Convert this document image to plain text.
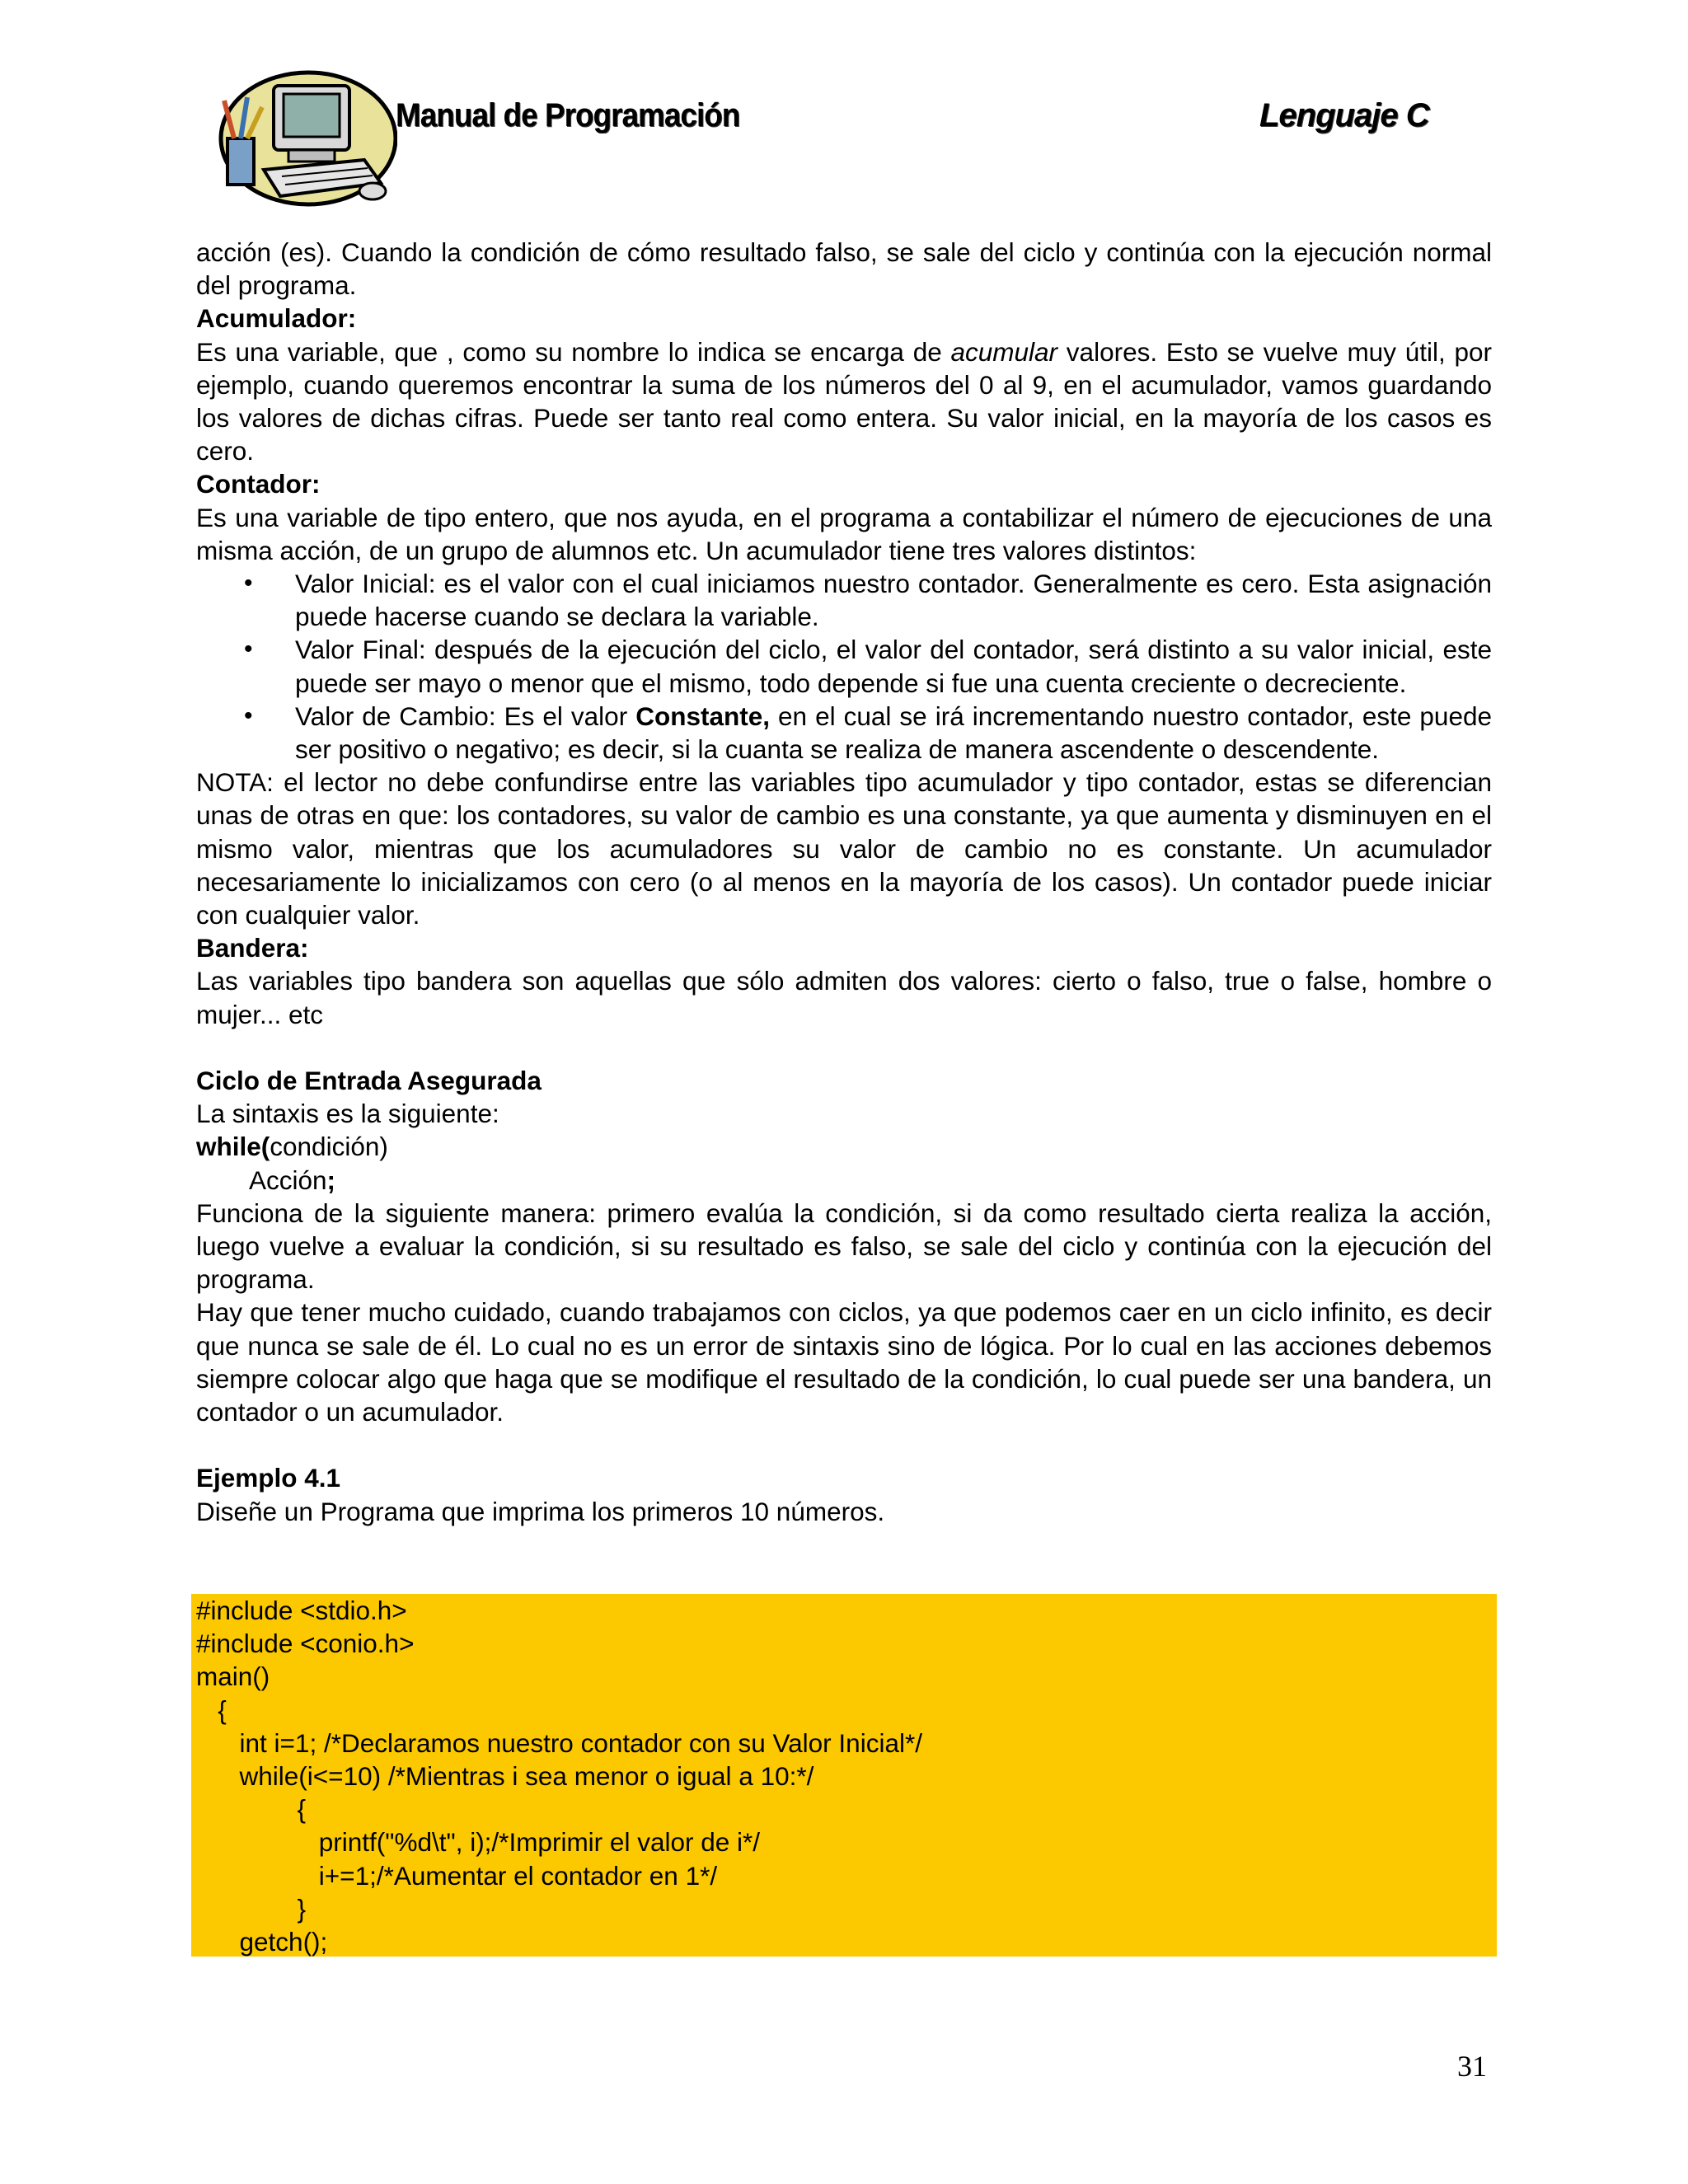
Manual de Programación	Lenguaje C

acción (es). Cuando la condición de cómo resultado falso, se sale del ciclo y continúa con la ejecución normal del programa.

Acumulador:

Es una variable, que , como su nombre lo indica se encarga de acumular valores. Esto se vuelve muy útil, por ejemplo, cuando queremos encontrar la suma de los números del 0 al 9, en el acumulador, vamos guardando los valores de dichas cifras. Puede ser tanto real como entera. Su valor inicial, en la mayoría de los casos es cero.

Contador:

Es una variable de tipo entero, que nos ayuda, en el programa a contabilizar el número de ejecuciones de una misma acción, de un grupo de alumnos etc. Un acumulador tiene tres valores distintos:

• Valor Inicial: es el valor con el cual iniciamos nuestro contador. Generalmente es cero. Esta asignación puede hacerse cuando se declara la variable.
• Valor Final: después de la ejecución del ciclo, el valor del contador, será distinto a su valor inicial, este puede ser mayo o menor que el mismo, todo depende si fue una cuenta creciente o decreciente.
• Valor de Cambio: Es el valor Constante, en el cual se irá incrementando nuestro contador, este puede ser positivo o negativo; es decir, si la cuanta se realiza de manera ascendente o descendente.

NOTA: el lector no debe confundirse entre las variables tipo acumulador y tipo contador, estas se diferencian unas de otras en que: los contadores, su valor de cambio es una constante, ya que aumenta y disminuyen en el mismo valor, mientras que los acumuladores su valor de cambio no es constante. Un acumulador necesariamente lo inicializamos con cero (o al menos en la mayoría de los casos). Un contador puede iniciar con cualquier valor.

Bandera:

Las variables tipo bandera son aquellas que sólo admiten dos valores: cierto o falso, true o false, hombre o mujer... etc

Ciclo de Entrada Asegurada

La sintaxis es la siguiente:

while(condición)

Acción;

Funciona de la siguiente manera: primero evalúa la condición, si da como resultado cierta realiza la acción, luego vuelve a evaluar la condición, si su resultado es falso, se sale del ciclo y continúa con la ejecución del programa.

Hay que tener mucho cuidado, cuando trabajamos con ciclos, ya que podemos caer en un ciclo infinito, es decir que nunca se sale de él. Lo cual no es un error de sintaxis sino de lógica. Por lo cual en las acciones debemos siempre colocar algo que haga que se modifique el resultado de la condición, lo cual puede ser una bandera, un contador o un acumulador.

Ejemplo 4.1

Diseñe un Programa que imprima los primeros 10 números.

#include <stdio.h>
#include <conio.h>
main()
{
int i=1; /*Declaramos nuestro contador con su Valor Inicial*/
while(i<=10) /*Mientras i sea menor o igual a 10:*/
{
printf("%d\t", i);/*Imprimir el valor de i*/
i+=1;/*Aumentar el contador en 1*/
}
getch();
31
